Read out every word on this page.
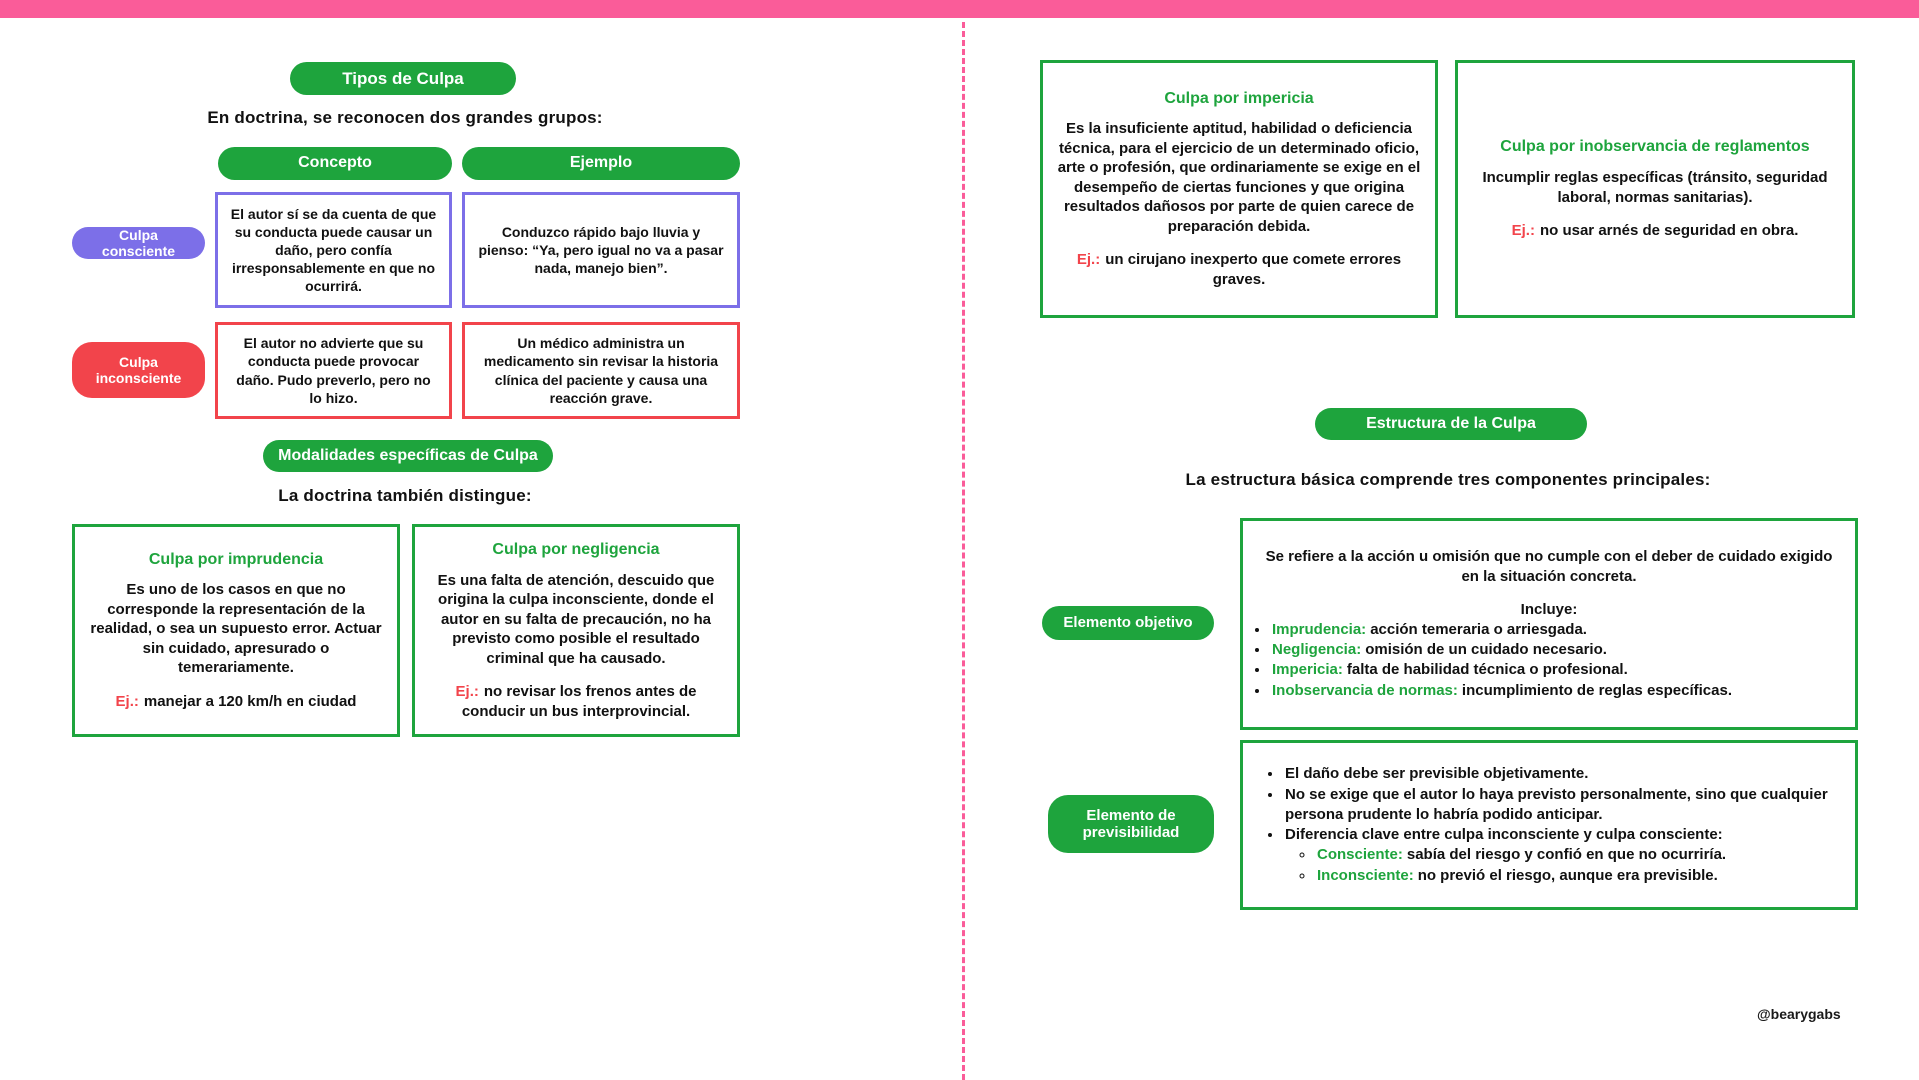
Tipos de Culpa
En doctrina, se reconocen dos grandes grupos:
Concepto	Ejemplo
Culpa consciente

El autor sí se da cuenta de que su conducta puede causar un daño, pero confía irresponsablemente en que no ocurrirá.

Conduzco rápido bajo lluvia y pienso: “Ya, pero igual no va a pasar nada, manejo bien”.

Culpa inconsciente

El autor no advierte que su conducta puede provocar daño. Pudo preverlo, pero no lo hizo.

Un médico administra un medicamento sin revisar la historia clínica del paciente y causa una reacción grave.

Modalidades específicas de Culpa
La doctrina también distingue:

Culpa por imprudencia

Es uno de los casos en que no corresponde la representación de la realidad, o sea un supuesto error. Actuar sin cuidado, apresurado o temerariamente.

Ej.: manejar a 120 km/h en ciudad

Culpa por negligencia

Es una falta de atención, descuido que origina la culpa inconsciente, donde el autor en su falta de precaución, no ha previsto como posible el resultado criminal que ha causado.

Ej.: no revisar los frenos antes de conducir un bus interprovincial.

Culpa por impericia

Es la insuficiente aptitud, habilidad o deficiencia técnica, para el ejercicio de un determinado oficio, arte o profesión, que ordinariamente se exige en el desempeño de ciertas funciones y que origina resultados dañosos por parte de quien carece de preparación debida.

Ej.: un cirujano inexperto que comete errores graves.

Culpa por inobservancia de reglamentos

Incumplir reglas específicas (tránsito, seguridad laboral, normas sanitarias).

Ej.: no usar arnés de seguridad en obra.

Estructura de la Culpa
La estructura básica comprende tres componentes principales:
Elemento objetivo

Se refiere a la acción u omisión que no cumple con el deber de cuidado exigido en la situación concreta.

Incluye:

• Imprudencia: acción temeraria o arriesgada.
• Negligencia: omisión de un cuidado necesario.
• Impericia: falta de habilidad técnica o profesional.
• Inobservancia de normas: incumplimiento de reglas específicas.
Elemento de previsibilidad
• El daño debe ser previsible objetivamente.
• No se exige que el autor lo haya previsto personalmente, sino que cualquier persona prudente lo habría podido anticipar.
• Diferencia clave entre culpa inconsciente y culpa consciente:
◦ Consciente: sabía del riesgo y confió en que no ocurriría.
◦ Inconsciente: no previó el riesgo, aunque era previsible.
@bearygabs
